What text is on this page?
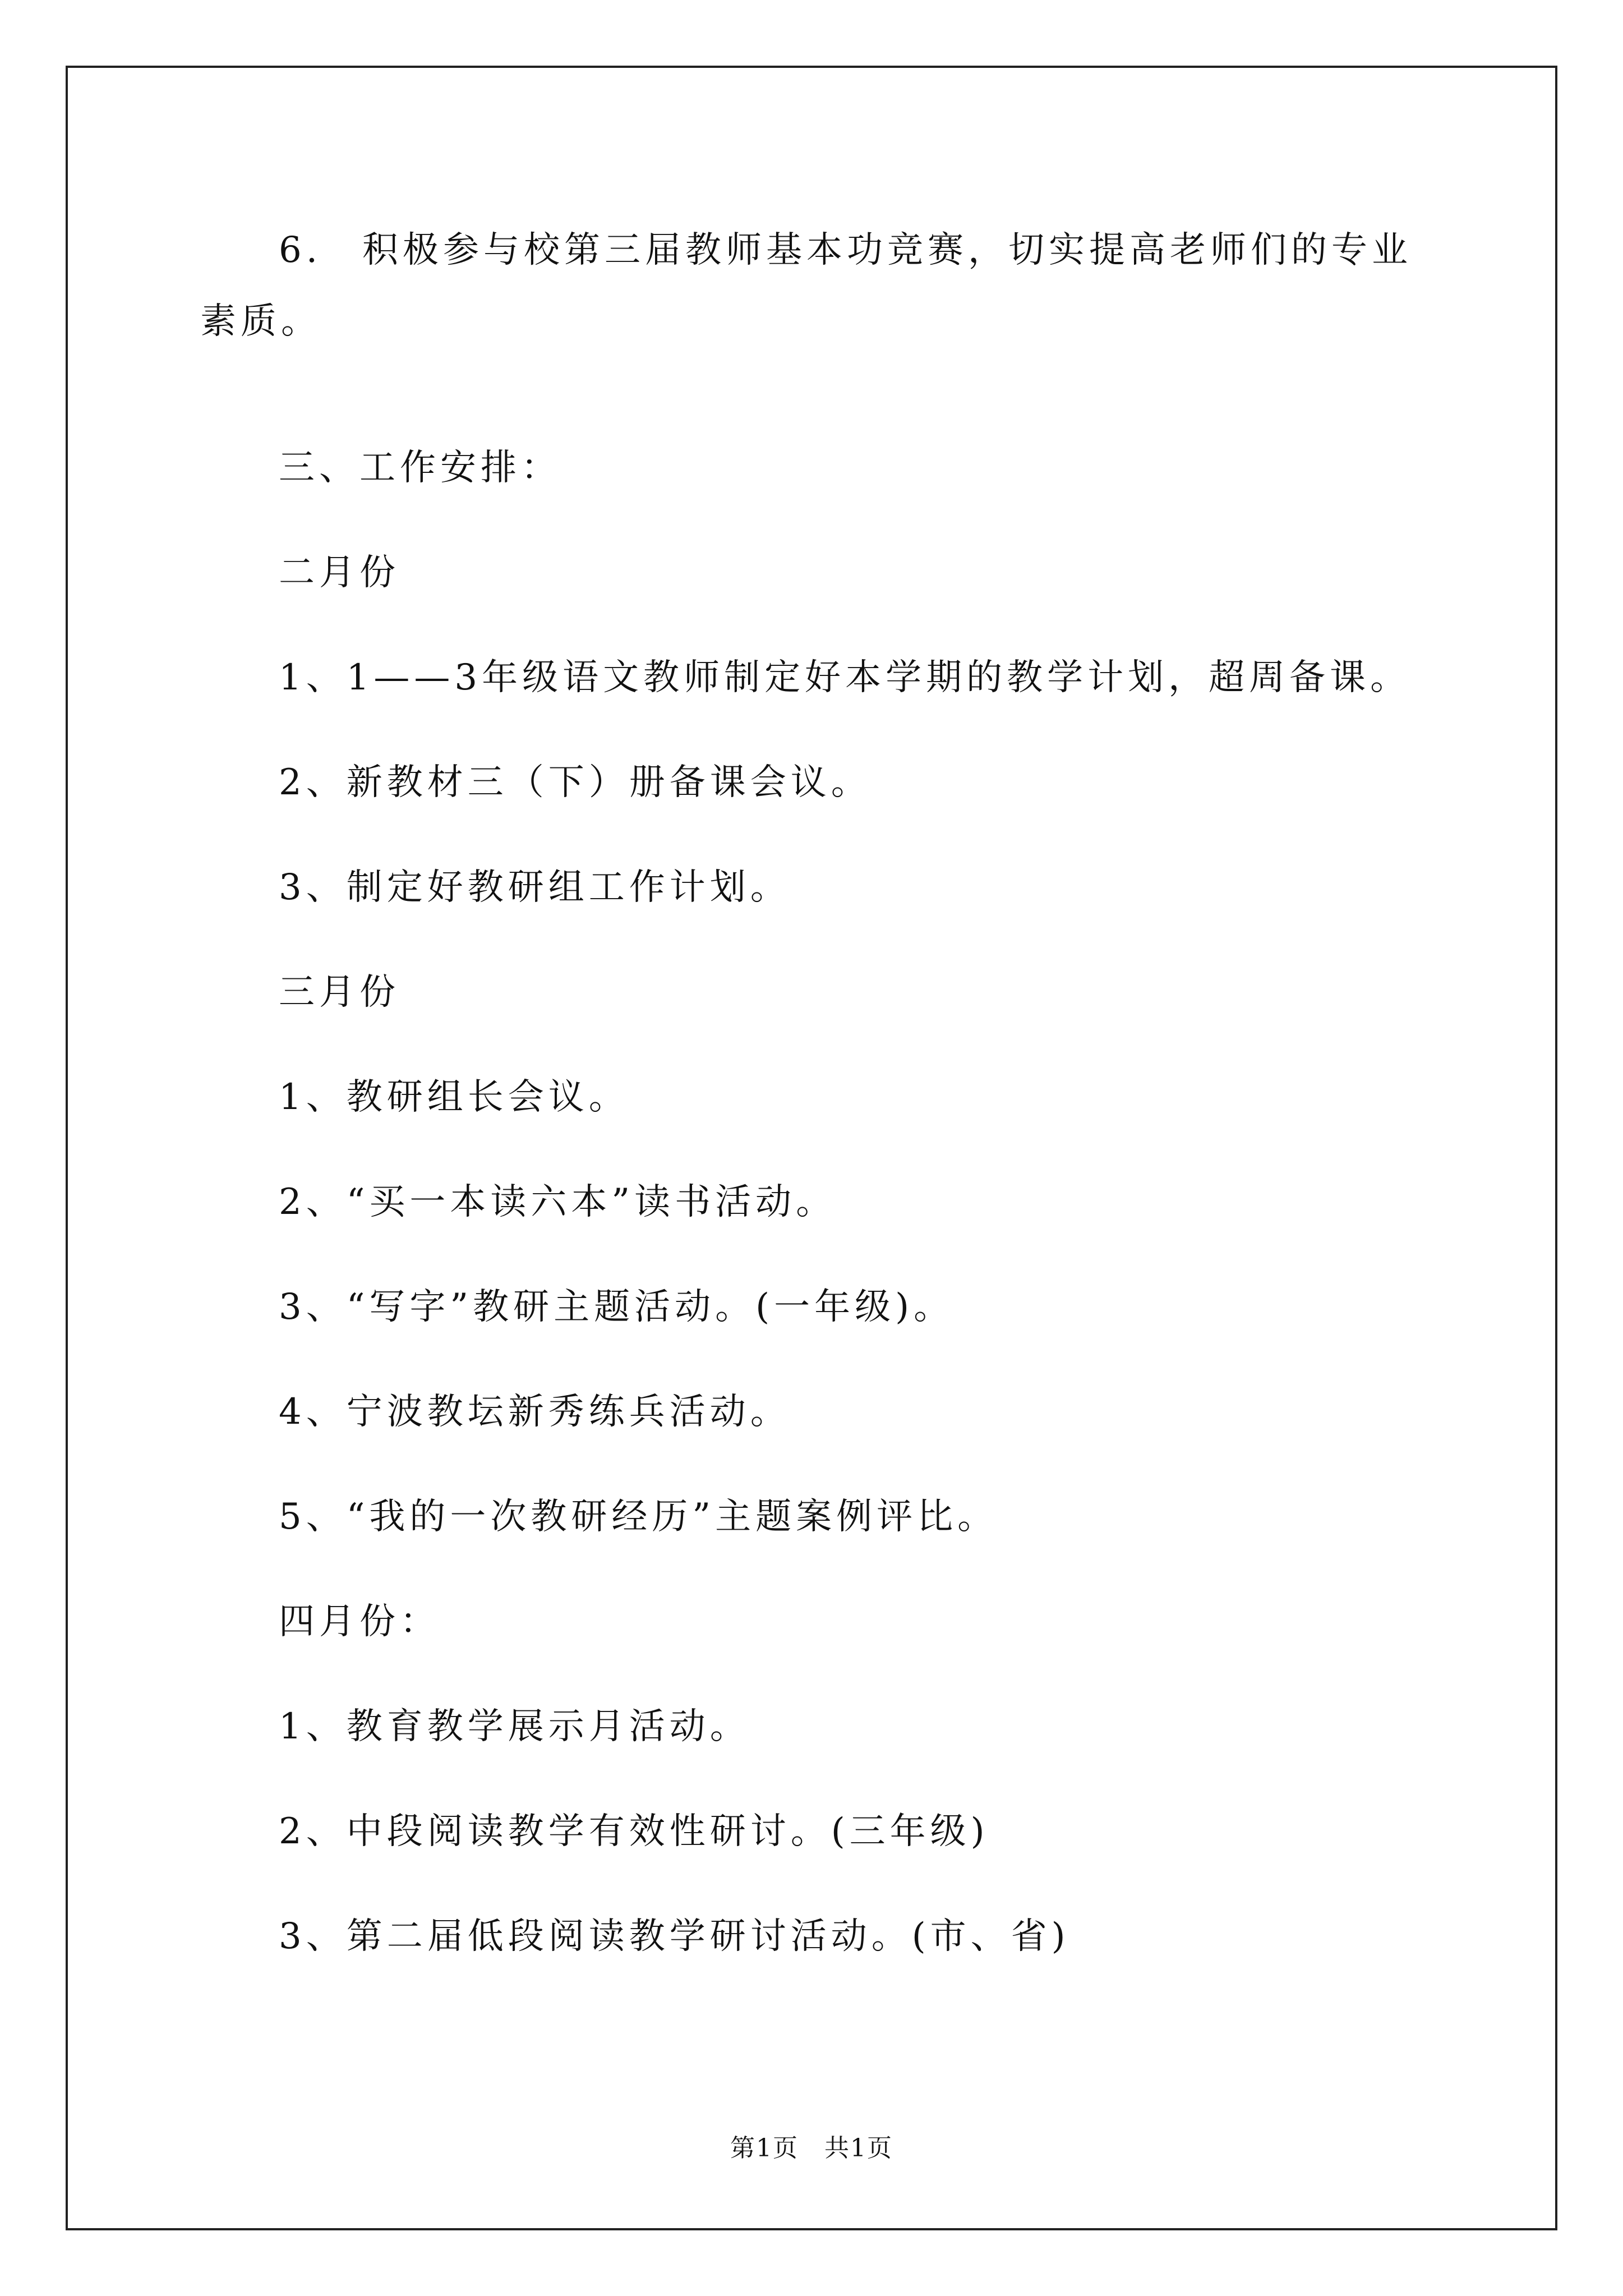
6.　积极参与校第三届教师基本功竞赛，切实提高老师们的专业
素质。
三、工作安排：
二月份
1、1——3年级语文教师制定好本学期的教学计划，超周备课。
2、新教材三（下）册备课会议。
3、制定好教研组工作计划。
三月份
1、教研组长会议。
2、“买一本读六本”读书活动。
3、“写字”教研主题活动。(一年级)。
4、宁波教坛新秀练兵活动。
5、“我的一次教研经历”主题案例评比。
四月份：
1、教育教学展示月活动。
2、中段阅读教学有效性研讨。(三年级)
3、第二届低段阅读教学研讨活动。(市、省)
第1页　共1页
